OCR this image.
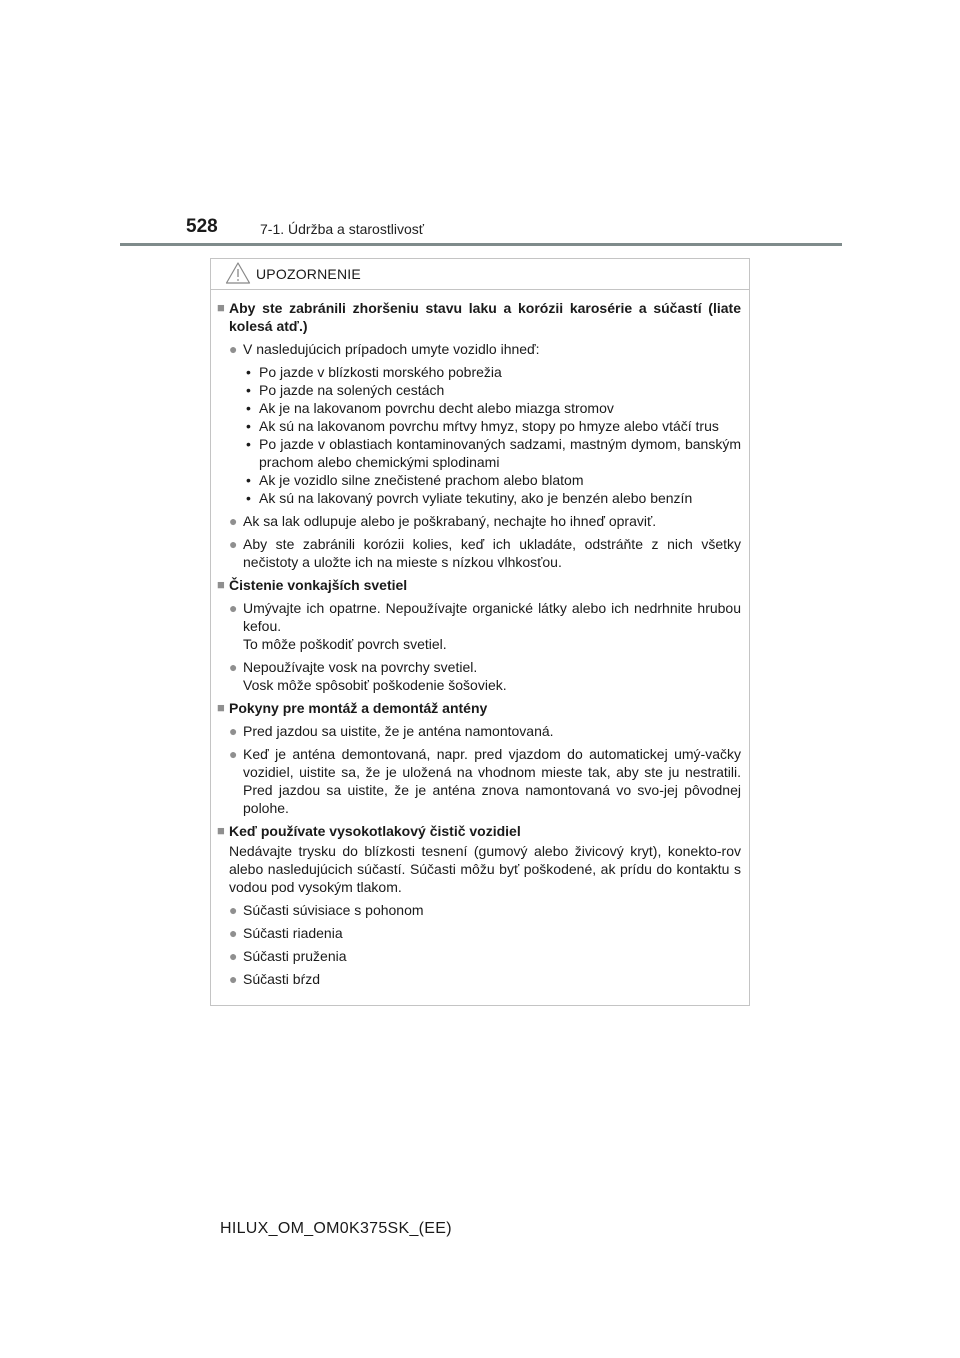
528	7-1. Údržba a starostlivosť
UPOZORNENIE
■ Aby ste zabránili zhoršeniu stavu laku a korózii karosérie a súčastí (liate kolesá atď.)
● V nasledujúcich prípadoch umyte vozidlo ihneď:
• Po jazde v blízkosti morského pobrežia
• Po jazde na solených cestách
• Ak je na lakovanom povrchu decht alebo miazga stromov
• Ak sú na lakovanom povrchu mŕtvy hmyz, stopy po hmyze alebo vtáčí trus
• Po jazde v oblastiach kontaminovaných sadzami, mastným dymom, banským prachom alebo chemickými splodinami
• Ak je vozidlo silne znečistené prachom alebo blatom
• Ak sú na lakovaný povrch vyliate tekutiny, ako je benzén alebo benzín
● Ak sa lak odlupuje alebo je poškrabaný, nechajte ho ihneď opraviť.
● Aby ste zabránili korózii kolies, keď ich ukladáte, odstráňte z nich všetky nečistoty a uložte ich na mieste s nízkou vlhkosťou.
■ Čistenie vonkajších svetiel
● Umývajte ich opatrne. Nepoužívajte organické látky alebo ich nedrhnite hrubou kefou.
To môže poškodiť povrch svetiel.
● Nepoužívajte vosk na povrchy svetiel.
Vosk môže spôsobiť poškodenie šošoviek.
■ Pokyny pre montáž a demontáž antény
● Pred jazdou sa uistite, že je anténa namontovaná.
● Keď je anténa demontovaná, napr. pred vjazdom do automatickej umý-vačky vozidiel, uistite sa, že je uložená na vhodnom mieste tak, aby ste ju nestratili. Pred jazdou sa uistite, že je anténa znova namontovaná vo svo-jej pôvodnej polohe.
■ Keď používate vysokotlakový čistič vozidiel
Nedávajte trysku do blízkosti tesnení (gumový alebo živicový kryt), konekto-rov alebo nasledujúcich súčastí. Súčasti môžu byť poškodené, ak prídu do kontaktu s vodou pod vysokým tlakom.
● Súčasti súvisiace s pohonom
● Súčasti riadenia
● Súčasti pruženia
● Súčasti bŕzd
HILUX_OM_OM0K375SK_(EE)
